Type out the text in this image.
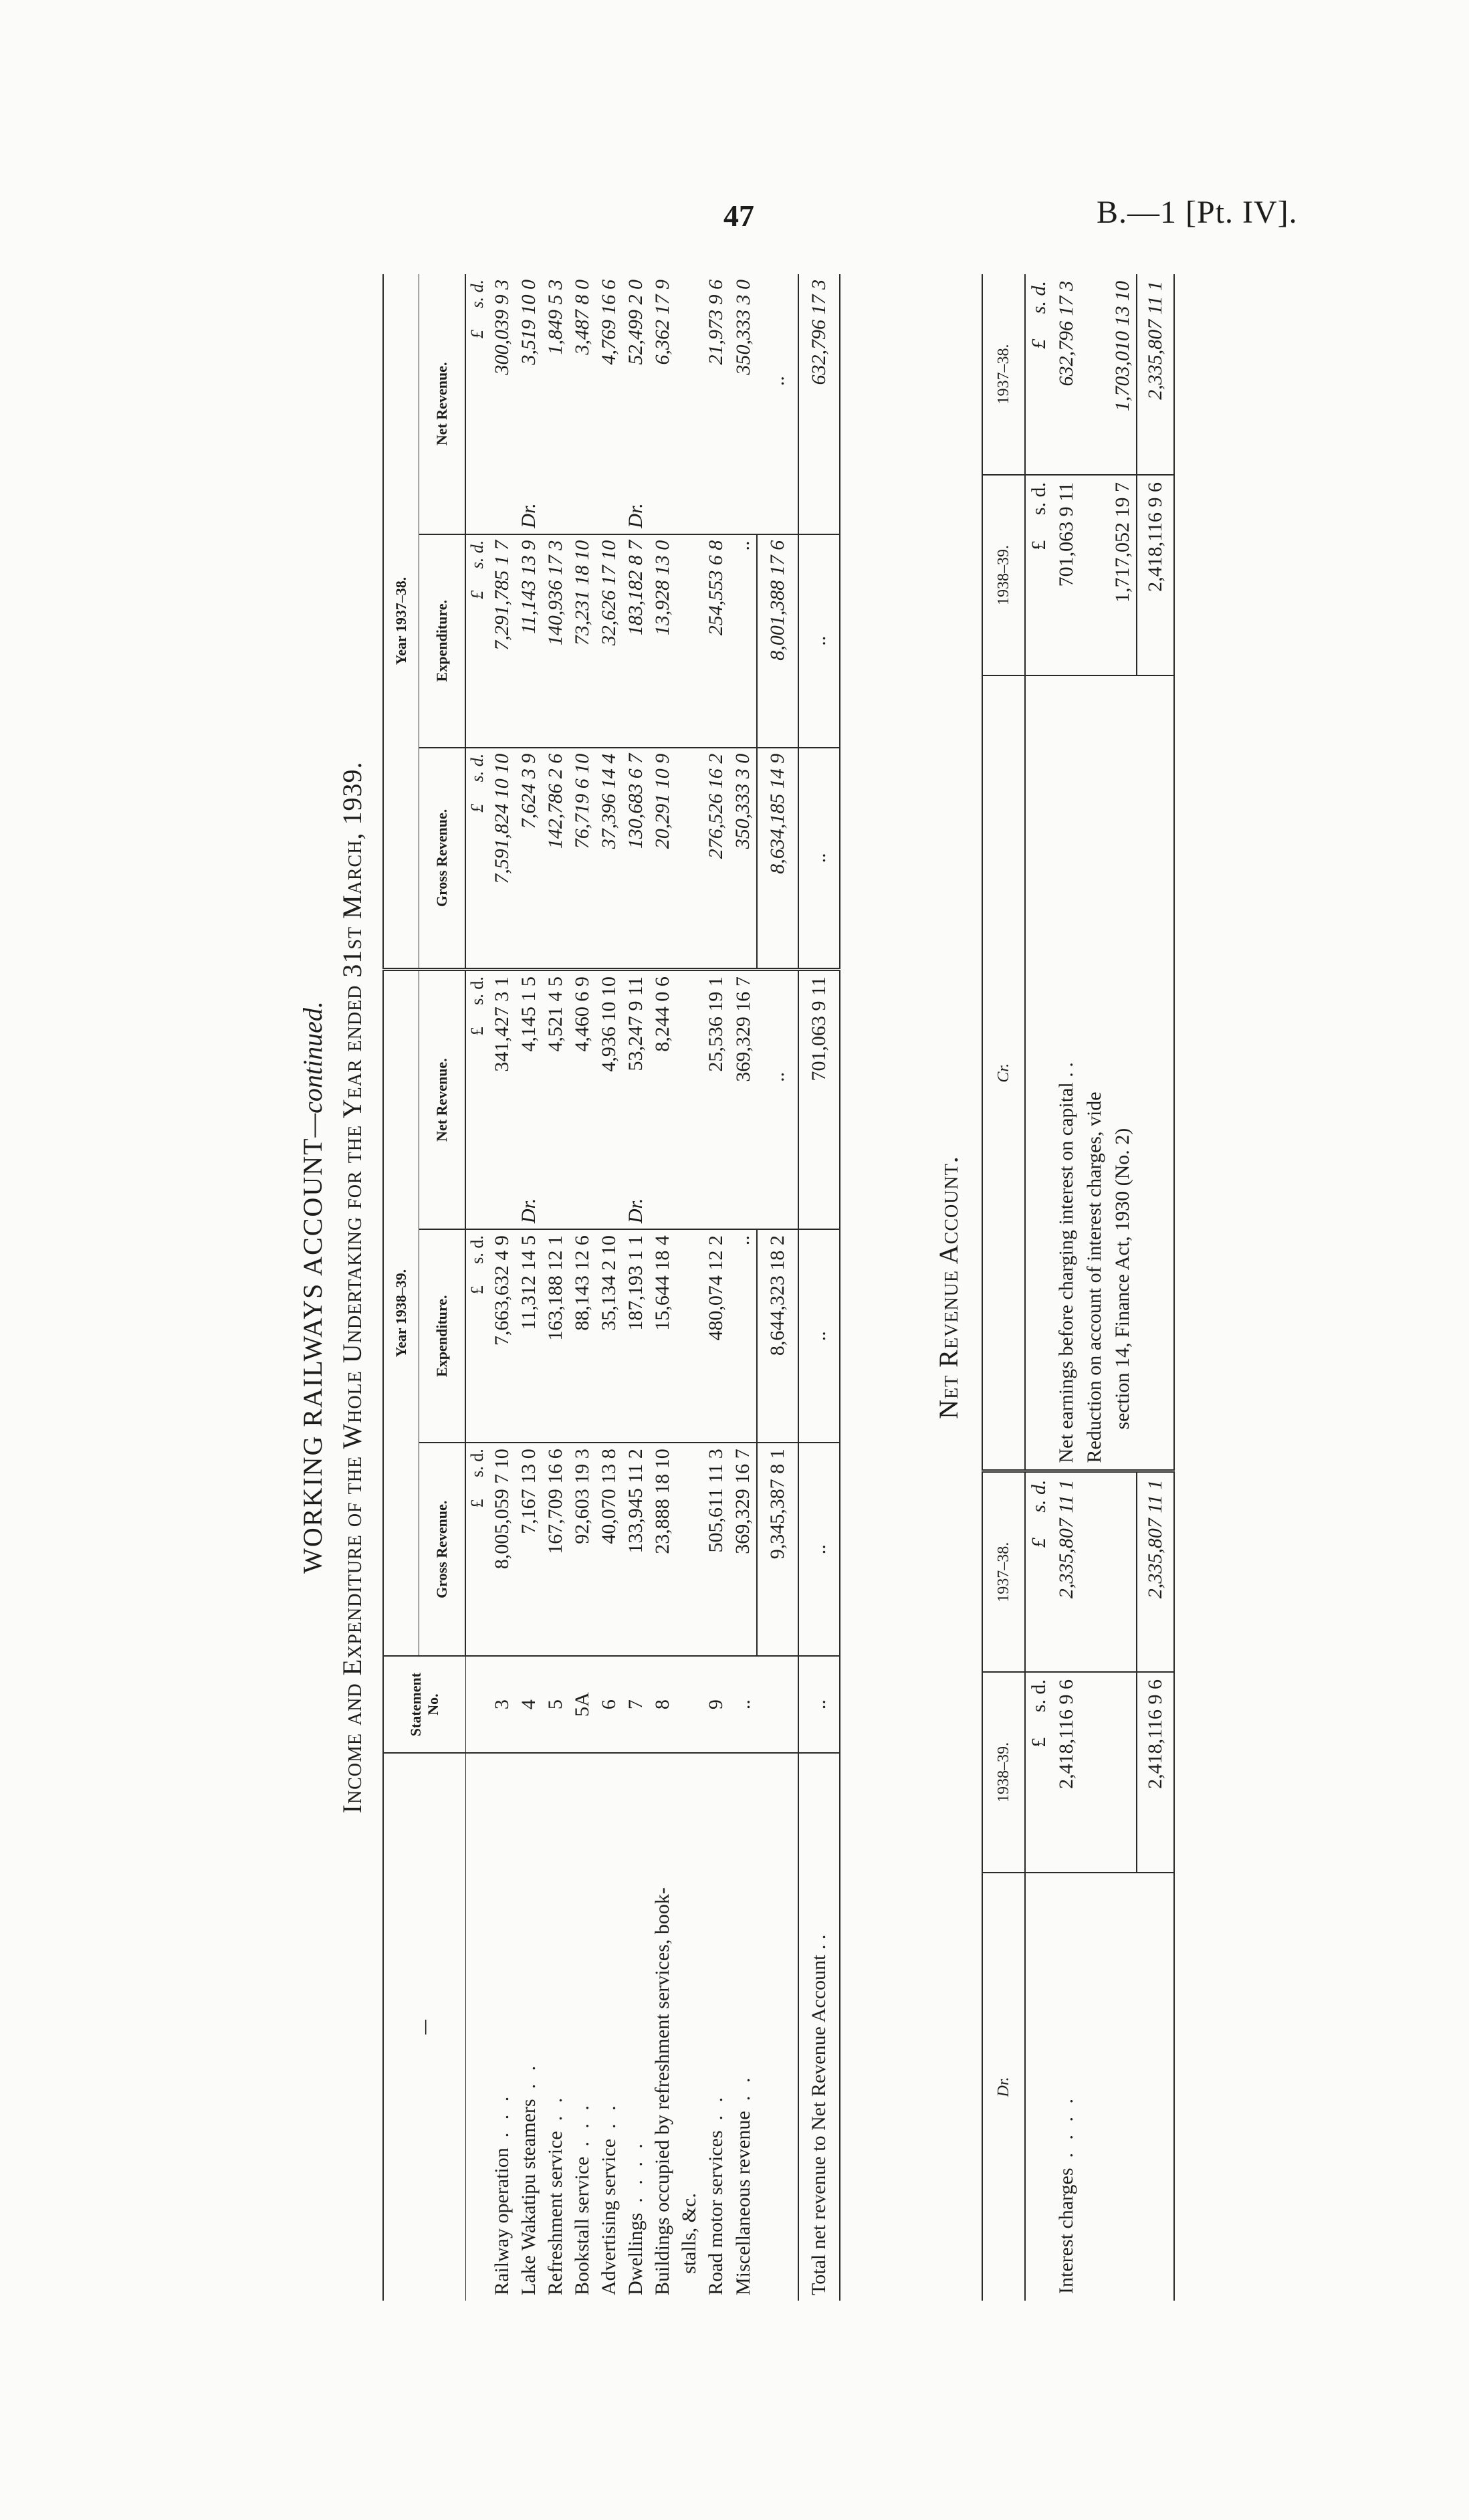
47	B.—1 [Pt. IV].
WORKING RAILWAYS ACCOUNT—continued. Income and Expenditure of the Whole Undertaking for the Year ended 31st March, 1939.
—	Statement No.	Year 1938–39.				Year 1937–38.			
		Gross Revenue.	Expenditure.	Net Revenue.		Gross Revenue.	Expenditure.	Net Revenue.	
		£     s. d.	£     s. d.		£     s. d.	£     s. d.	£     s. d.		£     s. d.
Railway operation  . . .	3	8,005,059 7 10	7,663,632 4 9		341,427 3 1	7,591,824 10 10	7,291,785 1 7		300,039 9 3
Lake Wakatipu steamers  . .	4	7,167 13 0	11,312 14 5	Dr.	4,145 1 5	7,624 3 9	11,143 13 9	Dr.	3,519 10 0
Refreshment service  . .	5	167,709 16 6	163,188 12 1		4,521 4 5	142,786 2 6	140,936 17 3		1,849 5 3
Bookstall service  . . .	5A	92,603 19 3	88,143 12 6		4,460 6 9	76,719 6 10	73,231 18 10		3,487 8 0
Advertising service  . .	6	40,070 13 8	35,134 2 10		4,936 10 10	37,396 14 4	32,626 17 10		4,769 16 6
Dwellings  . . . .	7	133,945 11 2	187,193 1 1	Dr.	53,247 9 11	130,683 6 7	183,182 8 7	Dr.	52,499 2 0
Buildings occupied by refreshment services, book-	8	23,888 18 10	15,644 18 4		8,244 0 6	20,291 10 9	13,928 13 0		6,362 17 9
stalls, &c.									
Road motor services  . .	9	505,611 11 3	480,074 12 2		25,536 19 1	276,526 16 2	254,553 6 8		21,973 9 6
Miscellaneous revenue  . .	..	369,329 16 7	..		369,329 16 7	350,333 3 0	..		350,333 3 0
		9,345,387 8 1	8,644,323 18 2		..	8,634,185 14 9	8,001,388 17 6		..
Total net revenue to Net Revenue Account . .	..	..	..		701,063 9 11	..	..		632,796 17 3
Net Revenue Account.
Dr.	1938–39.	1937–38.	Cr.	1938–39.	1937–38.
	£     s. d.	£     s. d.		£     s. d.	£     s. d.
Interest charges  . . . .	2,418,116 9 6	2,335,807 11 1	Net earnings before charging interest on capital . .	701,063 9 11	632,796 17 3
			Reduction on account of interest charges, vide		
			section 14, Finance Act, 1930 (No. 2)	1,717,052 19 7	1,703,010 13 10
	2,418,116 9 6	2,335,807 11 1		2,418,116 9 6	2,335,807 11 1
